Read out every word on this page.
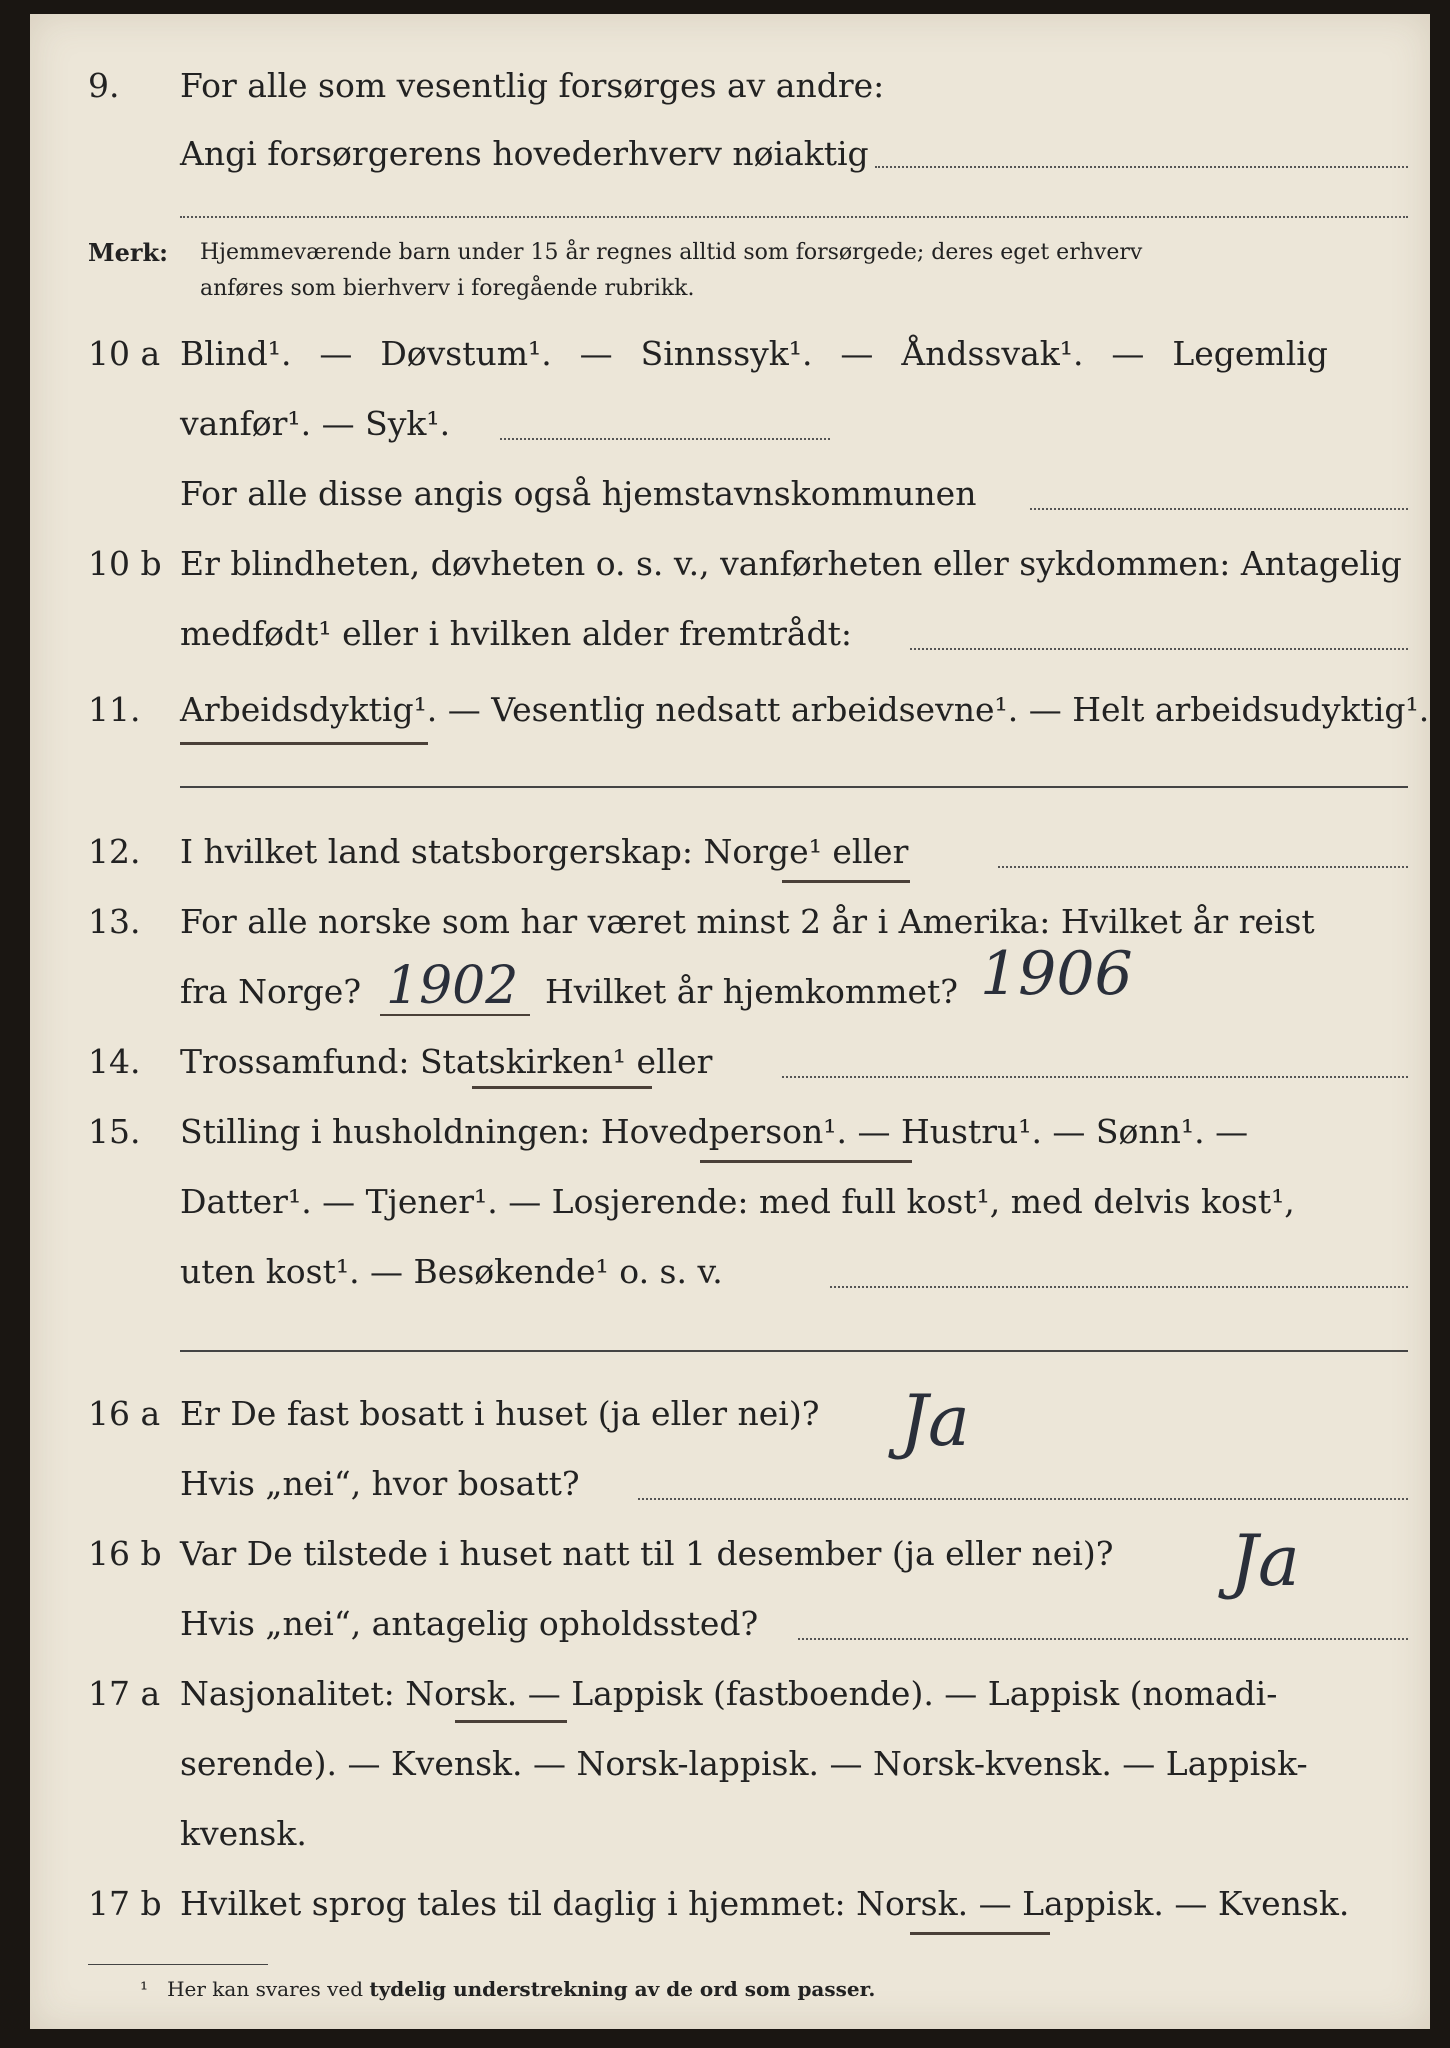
9. For alle som vesentlig forsørges av andre:
Angi forsørgerens hovederhverv nøiaktig
Merk: Hjemmeværende barn under 15 år regnes alltid som forsørgede; deres eget erhverv
anføres som bierhverv i foregående rubrikk.
10 a Blind¹. — Døvstum¹. — Sinnssyk¹. — Åndssvak¹. — Legemlig
vanfør¹. — Syk¹.
For alle disse angis også hjemstavnskommunen
10 b Er blindheten, døvheten o. s. v., vanførheten eller sykdommen: Antagelig
medfødt¹ eller i hvilken alder fremtrådt:
11. Arbeidsdyktig¹. — Vesentlig nedsatt arbeidsevne¹. — Helt arbeidsudyktig¹.
12. I hvilket land statsborgerskap: Norge¹ eller
13. For alle norske som har været minst 2 år i Amerika: Hvilket år reist
fra Norge?	Hvilket år hjemkommet?
1902	1906
14. Trossamfund: Statskirken¹ eller
15. Stilling i husholdningen: Hovedperson¹. — Hustru¹. — Sønn¹. —
Datter¹. — Tjener¹. — Losjerende: med full kost¹, med delvis kost¹,
uten kost¹. — Besøkende¹ o. s. v.
16 a Er De fast bosatt i huset (ja eller nei)? Ja
Hvis „nei“, hvor bosatt?
16 b Var De tilstede i huset natt til 1 desember (ja eller nei)? Ja
Hvis „nei“, antagelig opholdssted?
17 a Nasjonalitet: Norsk. — Lappisk (fastboende). — Lappisk (nomadi-
serende). — Kvensk. — Norsk-lappisk. — Norsk-kvensk. — Lappisk-
kvensk.
17 b Hvilket sprog tales til daglig i hjemmet: Norsk. — Lappisk. — Kvensk.
¹ Her kan svares ved tydelig understrekning av de ord som passer.
